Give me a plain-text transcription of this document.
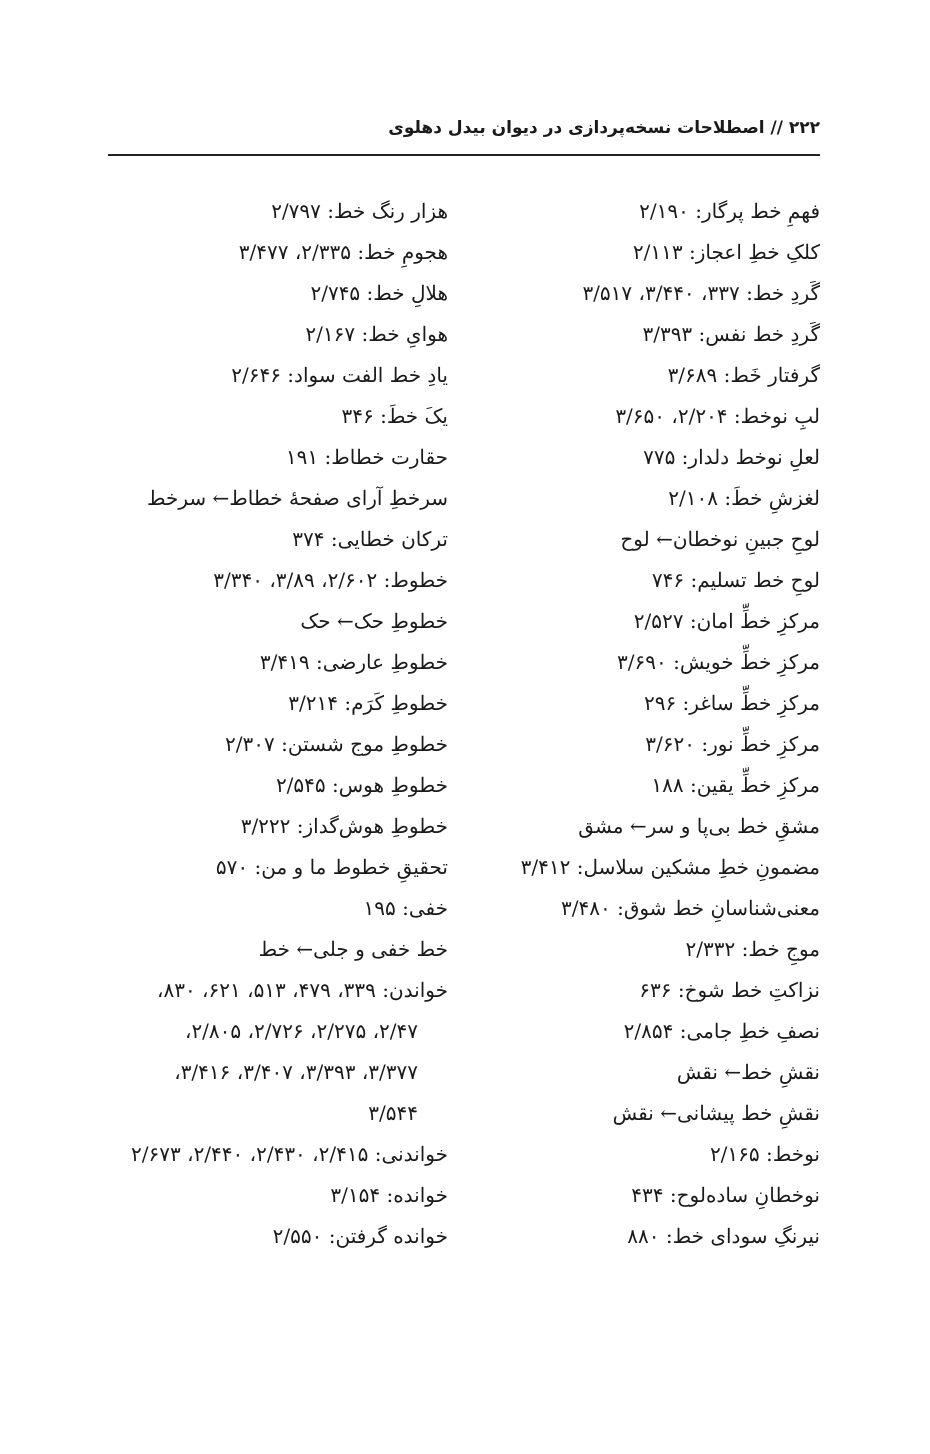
۲۲۲ // اصطلاحات نسخه‌پردازی در دیوان بیدل دهلوی
فهمِ خط پرگار: ۲/۱۹۰
کلکِ خطِ اعجاز: ۲/۱۱۳
گَردِ خط: ۳۳۷، ۳/۴۴۰، ۳/۵۱۷
گَردِ خط نفس: ۳/۳۹۳
گرفتار خَط: ۳/۶۸۹
لبِ نوخط: ۲/۲۰۴، ۳/۶۵۰
لعلِ نوخط دلدار: ۷۷۵
لغزشِ خطَ: ۲/۱۰۸
لوحِ جبینِ نوخطان← لوح
لوحِ خط تسلیم: ۷۴۶
مرکزِ خطِّ امان: ۲/۵۲۷
مرکزِ خطِّ خویش: ۳/۶۹۰
مرکزِ خطِّ ساغر: ۲۹۶
مرکزِ خطِّ نور: ۳/۶۲۰
مرکزِ خطِّ یقین: ۱۸۸
مشقِ خط بی‌پا و سر← مشق
مضمونِ خطِ مشکین سلاسل: ۳/۴۱۲
معنی‌شناسانِ خط شوق: ۳/۴۸۰
موجِ خط: ۲/۳۳۲
نزاکتِ خط شوخ: ۶۳۶
نصفِ خطِ جامی: ۲/۸۵۴
نقشِ خط← نقش
نقشِ خط پیشانی← نقش
نوخط: ۲/۱۶۵
نوخطانِ ساده‌لوح: ۴۳۴
نیرنگِ سودای خط: ۸۸۰
هزار رنگ خط: ۲/۷۹۷
هجومِ خط: ۲/۳۳۵، ۳/۴۷۷
هلالِ خط: ۲/۷۴۵
هوایِ خط: ۲/۱۶۷
یادِ خط الفت سواد: ۲/۶۴۶
یکَ خطَ: ۳۴۶
حقارت خطاط: ۱۹۱
سرخطِ آرای صفحهٔ خطاط← سرخط
ترکان خطایی: ۳۷۴
خطوط: ۲/۶۰۲، ۳/۸۹، ۳/۳۴۰
خطوطِ حک← حک
خطوطِ عارضی: ۳/۴۱۹
خطوطِ کَرَم: ۳/۲۱۴
خطوطِ موج شستن: ۲/۳۰۷
خطوطِ هوس: ۲/۵۴۵
خطوطِ هوش‌گداز: ۳/۲۲۲
تحقیقِ خطوط ما و من: ۵۷۰
خفی: ۱۹۵
خط خفی و جلی← خط
خواندن: ۳۳۹، ۴۷۹، ۵۱۳، ۶۲۱، ۸۳۰،
۲/۴۷، ۲/۲۷۵، ۲/۷۲۶، ۲/۸۰۵،
۳/۳۷۷، ۳/۳۹۳، ۳/۴۰۷، ۳/۴۱۶،
۳/۵۴۴
خواندنی: ۲/۴۱۵، ۲/۴۳۰، ۲/۴۴۰، ۲/۶۷۳
خوانده: ۳/۱۵۴
خوانده گرفتن: ۲/۵۵۰
